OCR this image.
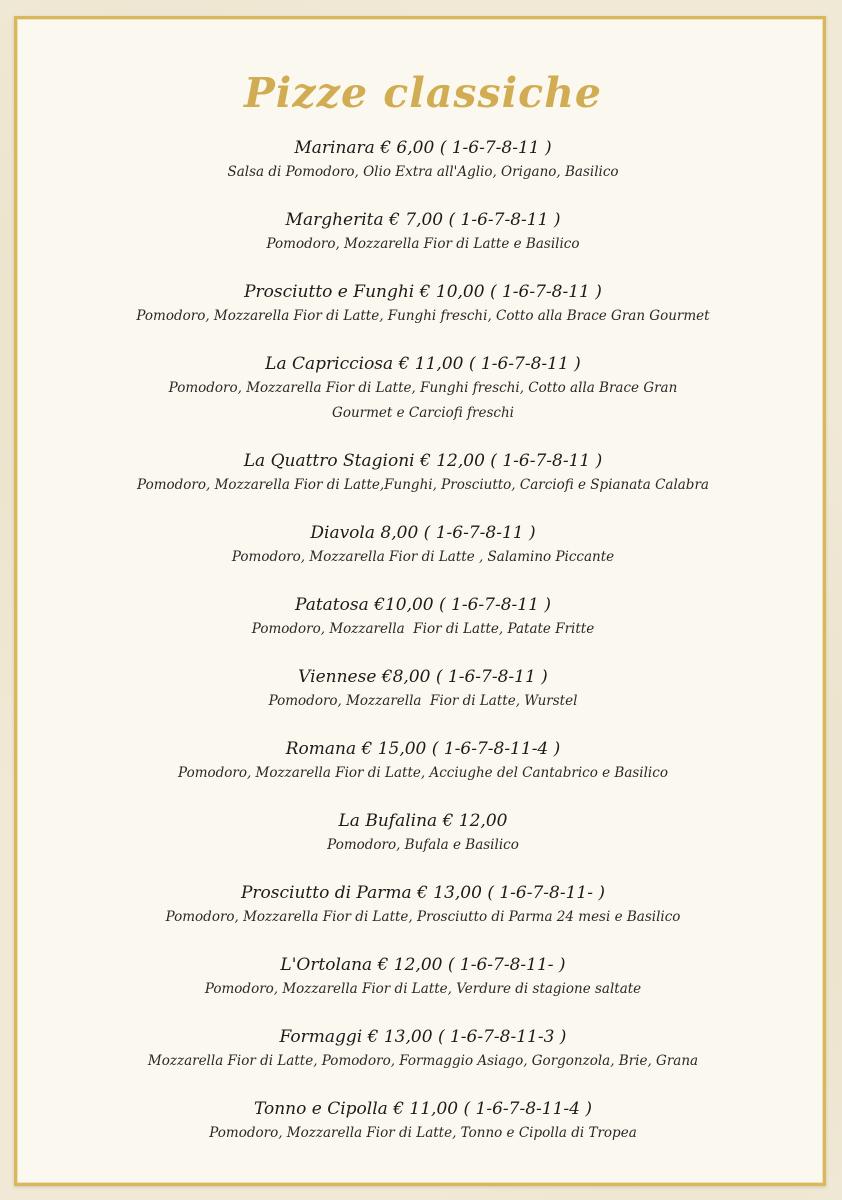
Pizze classiche
Marinara € 6,00 ( 1-6-7-8-11 )
Salsa di Pomodoro, Olio Extra all'Aglio, Origano, Basilico
Margherita € 7,00 ( 1-6-7-8-11 )
Pomodoro, Mozzarella Fior di Latte e Basilico
Prosciutto e Funghi € 10,00 ( 1-6-7-8-11 )
Pomodoro, Mozzarella Fior di Latte, Funghi freschi, Cotto alla Brace Gran Gourmet
La Capricciosa € 11,00 ( 1-6-7-8-11 )
Pomodoro, Mozzarella Fior di Latte, Funghi freschi, Cotto alla Brace Gran Gourmet e Carciofi freschi
La Quattro Stagioni € 12,00 ( 1-6-7-8-11 )
Pomodoro, Mozzarella Fior di Latte,Funghi, Prosciutto, Carciofi e Spianata Calabra
Diavola 8,00 ( 1-6-7-8-11 )
Pomodoro, Mozzarella Fior di Latte , Salamino Piccante
Patatosa €10,00 ( 1-6-7-8-11 )
Pomodoro, Mozzarella  Fior di Latte, Patate Fritte
Viennese €8,00 ( 1-6-7-8-11 )
Pomodoro, Mozzarella  Fior di Latte, Wurstel
Romana € 15,00 ( 1-6-7-8-11-4 )
Pomodoro, Mozzarella Fior di Latte, Acciughe del Cantabrico e Basilico
La Bufalina € 12,00
Pomodoro, Bufala e Basilico
Prosciutto di Parma € 13,00 ( 1-6-7-8-11- )
Pomodoro, Mozzarella Fior di Latte, Prosciutto di Parma 24 mesi e Basilico
L'Ortolana € 12,00 ( 1-6-7-8-11- )
Pomodoro, Mozzarella Fior di Latte, Verdure di stagione saltate
Formaggi € 13,00 ( 1-6-7-8-11-3 )
Mozzarella Fior di Latte, Pomodoro, Formaggio Asiago, Gorgonzola, Brie, Grana
Tonno e Cipolla € 11,00 ( 1-6-7-8-11-4 )
Pomodoro, Mozzarella Fior di Latte, Tonno e Cipolla di Tropea
